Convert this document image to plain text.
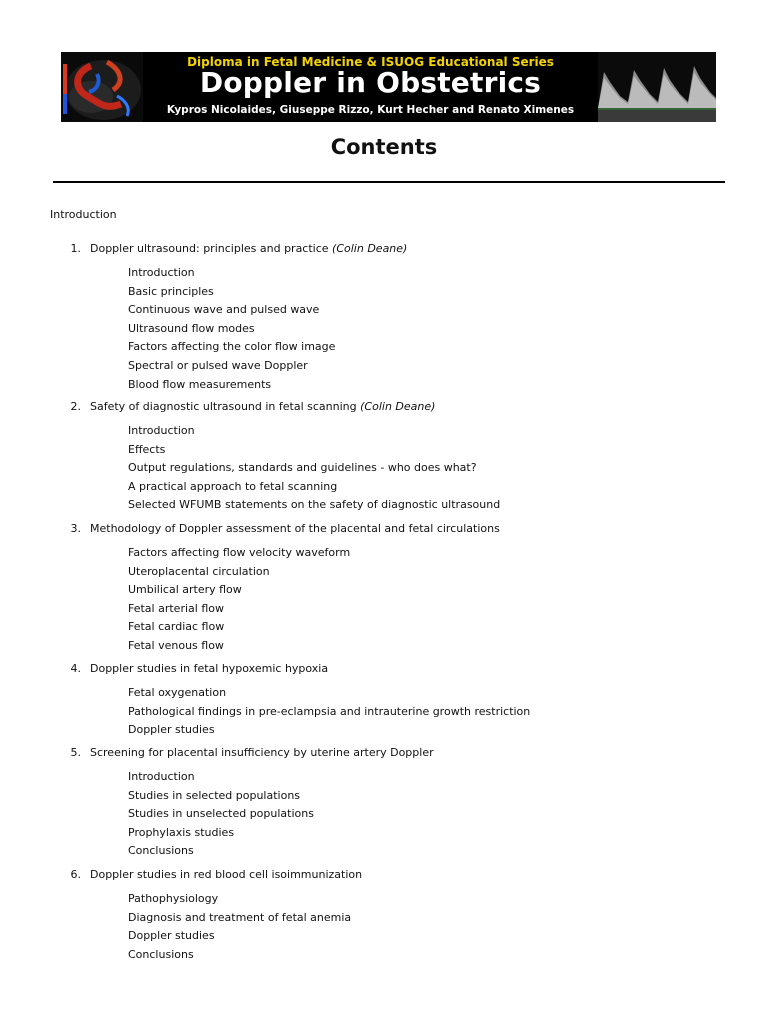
Diploma in Fetal Medicine & ISUOG Educational Series
Doppler in Obstetrics
Kypros Nicolaides, Giuseppe Rizzo, Kurt Hecher and Renato Ximenes
Contents
Introduction
1. Doppler ultrasound: principles and practice (Colin Deane)
Introduction
Basic principles
Continuous wave and pulsed wave
Ultrasound flow modes
Factors affecting the color flow image
Spectral or pulsed wave Doppler
Blood flow measurements
2. Safety of diagnostic ultrasound in fetal scanning (Colin Deane)
Introduction
Effects
Output regulations, standards and guidelines - who does what?
A practical approach to fetal scanning
Selected WFUMB statements on the safety of diagnostic ultrasound
3. Methodology of Doppler assessment of the placental and fetal circulations
Factors affecting flow velocity waveform
Uteroplacental circulation
Umbilical artery flow
Fetal arterial flow
Fetal cardiac flow
Fetal venous flow
4. Doppler studies in fetal hypoxemic hypoxia
Fetal oxygenation
Pathological findings in pre-eclampsia and intrauterine growth restriction
Doppler studies
5. Screening for placental insufficiency by uterine artery Doppler
Introduction
Studies in selected populations
Studies in unselected populations
Prophylaxis studies
Conclusions
6. Doppler studies in red blood cell isoimmunization
Pathophysiology
Diagnosis and treatment of fetal anemia
Doppler studies
Conclusions
